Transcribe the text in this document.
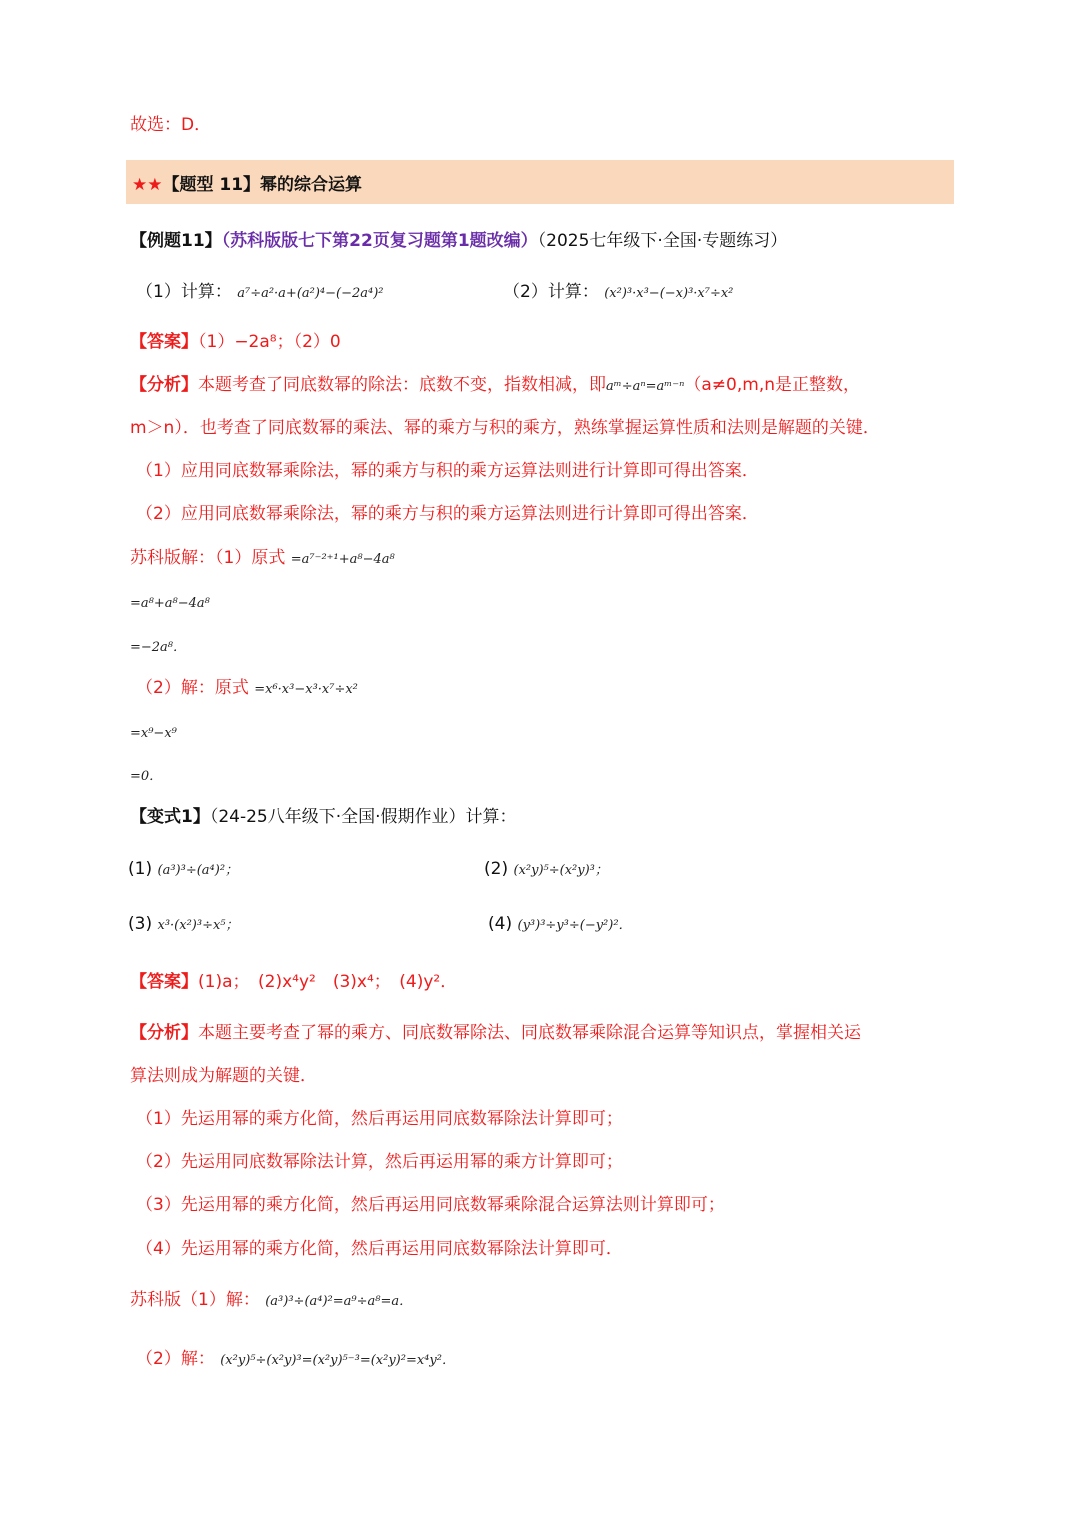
故选：D．
★★【题型 11】幂的综合运算
【例题11】（苏科版版七下第22页复习题第1题改编）（2025七年级下·全国·专题练习）
（1）计算： a⁷÷a²·a+(a²)⁴−(−2a⁴)²	（2）计算： (x²)³·x³−(−x)³·x⁷÷x²
【答案】（1）−2a⁸；（2）0
【分析】本题考查了同底数幂的除法：底数不变，指数相减，即aᵐ÷aⁿ=aᵐ⁻ⁿ（a≠0,m,n是正整数，
m＞n）．也考查了同底数幂的乘法、幂的乘方与积的乘方，熟练掌握运算性质和法则是解题的关键．
（1）应用同底数幂乘除法，幂的乘方与积的乘方运算法则进行计算即可得出答案．
（2）应用同底数幂乘除法，幂的乘方与积的乘方运算法则进行计算即可得出答案．
苏科版解：（1）原式 =a⁷⁻²⁺¹+a⁸−4a⁸
=a⁸+a⁸−4a⁸
=−2a⁸．
（2）解：原式 =x⁶·x³−x³·x⁷÷x²
=x⁹−x⁹
=0．
【变式1】（24-25八年级下·全国·假期作业）计算：
(1) (a³)³÷(a⁴)²；	(2) (x²y)⁵÷(x²y)³；
(3) x³·(x²)³÷x⁵；	(4) (y³)³÷y³÷(−y²)²．
【答案】(1)a；　(2)x⁴y²　(3)x⁴；　(4)y²．
【分析】本题主要考查了幂的乘方、同底数幂除法、同底数幂乘除混合运算等知识点，掌握相关运
算法则成为解题的关键．
（1）先运用幂的乘方化简，然后再运用同底数幂除法计算即可；
（2）先运用同底数幂除法计算，然后再运用幂的乘方计算即可；
（3）先运用幂的乘方化简，然后再运用同底数幂乘除混合运算法则计算即可；
（4）先运用幂的乘方化简，然后再运用同底数幂除法计算即可．
苏科版（1）解： (a³)³÷(a⁴)²=a⁹÷a⁸=a．
（2）解： (x²y)⁵÷(x²y)³=(x²y)⁵⁻³=(x²y)²=x⁴y²．
